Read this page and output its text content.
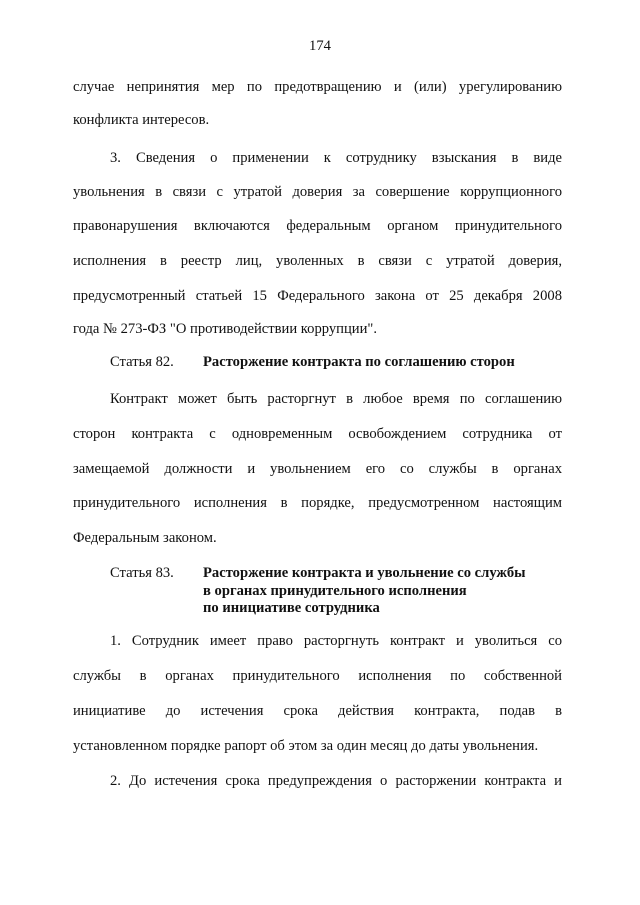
174
случае непринятия мер по предотвращению и (или) урегулированию
конфликта интересов.
3. Сведения о применении к сотруднику взыскания в виде
увольнения в связи с утратой доверия за совершение коррупционного
правонарушения включаются федеральным органом принудительного
исполнения в реестр лиц, уволенных в связи с утратой доверия,
предусмотренный статьей 15 Федерального закона от 25 декабря 2008
года № 273-ФЗ "О противодействии коррупции".
Статья 82. Расторжение контракта по соглашению сторон
Контракт может быть расторгнут в любое время по соглашению
сторон контракта с одновременным освобождением сотрудника от
замещаемой должности и увольнением его со службы в органах
принудительного исполнения в порядке, предусмотренном настоящим
Федеральным законом.
Статья 83. Расторжение контракта и увольнение со службы
в органах принудительного исполнения
по инициативе сотрудника
1. Сотрудник имеет право расторгнуть контракт и уволиться со
службы в органах принудительного исполнения по собственной
инициативе до истечения срока действия контракта, подав в
установленном порядке рапорт об этом за один месяц до даты увольнения.
2. До истечения срока предупреждения о расторжении контракта и
